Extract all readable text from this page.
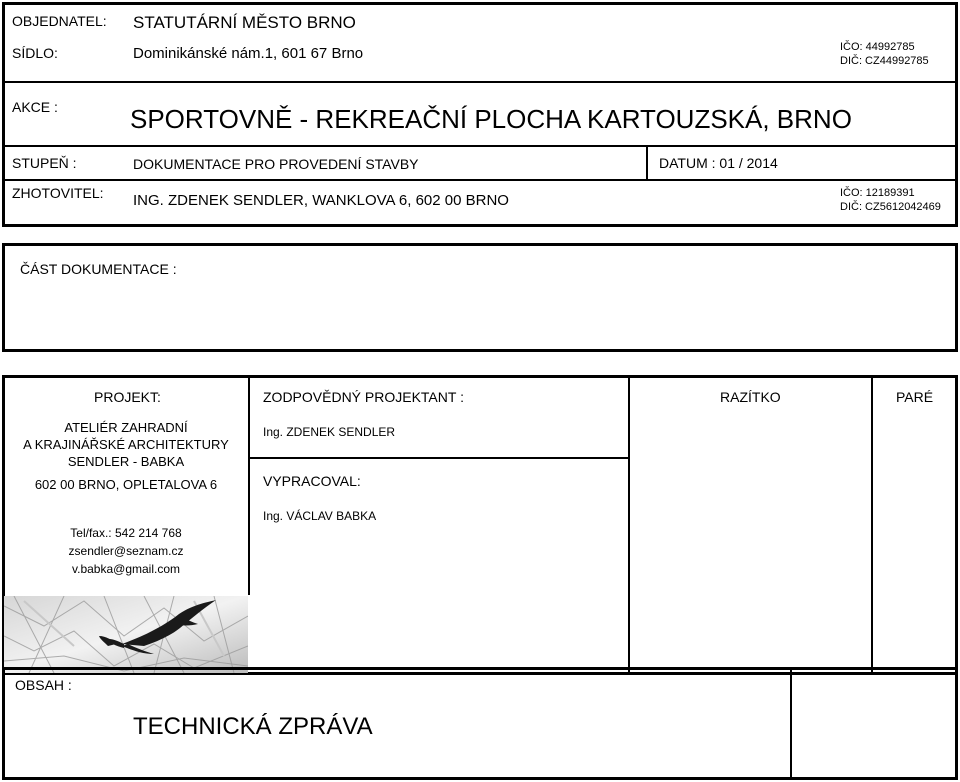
OBJEDNATEL: STATUTÁRNÍ MĚSTO BRNO
SÍDLO:	Dominikánské nám.1, 601 67 Brno	IČO: 44992785
DIČ: CZ44992785
AKCE :	SPORTOVNĚ - REKREAČNÍ PLOCHA KARTOUZSKÁ, BRNO
STUPEŇ :	DOKUMENTACE PRO PROVEDENÍ STAVBY	DATUM : 01 / 2014
ZHOTOVITEL: ING. ZDENEK SENDLER, WANKLOVA 6, 602 00 BRNO	IČO: 12189391
DIČ: CZ5612042469
ČÁST DOKUMENTACE :
PROJEKT:
ATELIÉR ZAHRADNÍ
A KRAJINÁŘSKÉ ARCHITEKTURY
SENDLER - BABKA
602 00 BRNO, OPLETALOVA 6
Tel/fax.: 542 214 768
zsendler@seznam.cz
v.babka@gmail.com
ZODPOVĚDNÝ PROJEKTANT :
Ing. ZDENEK SENDLER
VYPRACOVAL:
Ing. VÁCLAV BABKA
RAZÍTKO	PARÉ
OBSAH :
TECHNICKÁ ZPRÁVA
